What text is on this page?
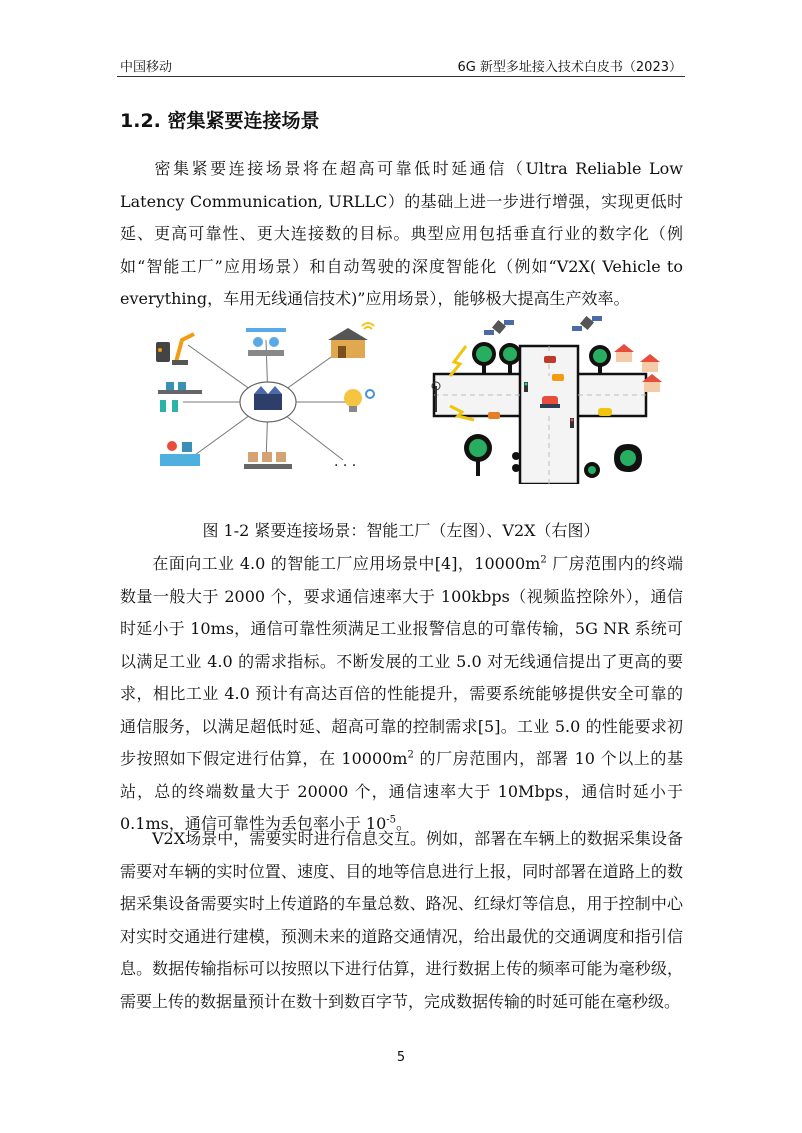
中国移动	6G 新型多址接入技术白皮书（2023）
1.2. 密集紧要连接场景

密集紧要连接场景将在超高可靠低时延通信（Ultra Reliable Low Latency Communication, URLLC）的基础上进一步进行增强，实现更低时延、更高可靠性、更大连接数的目标。典型应用包括垂直行业的数字化（例如“智能工厂”应用场景）和自动驾驶的深度智能化（例如“V2X( Vehicle to everything，车用无线通信技术)”应用场景），能够极大提高生产效率。

. . .
图 1-2 紧要连接场景：智能工厂（左图）、V2X（右图）

在面向工业 4.0 的智能工厂应用场景中[4]，$10000m^2$ 厂房范围内的终端数量一般大于 2000 个，要求通信速率大于 100kbps（视频监控除外），通信时延小于 10ms，通信可靠性须满足工业报警信息的可靠传输，5G NR 系统可以满足工业 4.0 的需求指标。不断发展的工业 5.0 对无线通信提出了更高的要求，相比工业 4.0 预计有高达百倍的性能提升，需要系统能够提供安全可靠的通信服务，以满足超低时延、超高可靠的控制需求[5]。工业 5.0 的性能要求初步按照如下假定进行估算，在 $10000m^2$ 的厂房范围内，部署 10 个以上的基站，总的终端数量大于 20000 个，通信速率大于 10Mbps，通信时延小于 0.1ms，通信可靠性为丢包率小于 $10^{-5}$。

V2X场景中，需要实时进行信息交互。例如，部署在车辆上的数据采集设备需要对车辆的实时位置、速度、目的地等信息进行上报，同时部署在道路上的数据采集设备需要实时上传道路的车量总数、路况、红绿灯等信息，用于控制中心对实时交通进行建模，预测未来的道路交通情况，给出最优的交通调度和指引信息。数据传输指标可以按照以下进行估算，进行数据上传的频率可能为毫秒级，需要上传的数据量预计在数十到数百字节，完成数据传输的时延可能在毫秒级。

5
